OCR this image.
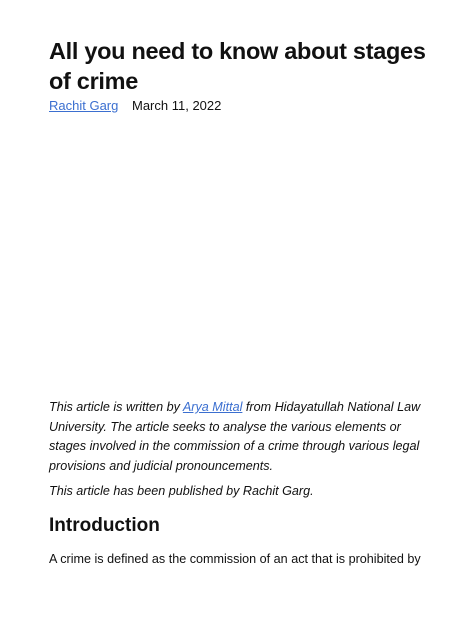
All you need to know about stages of crime
Rachit Garg March 11, 2022

This article is written by Arya Mittal from Hidayatullah National Law University. The article seeks to analyse the various elements or stages involved in the commission of a crime through various legal provisions and judicial pronouncements.

This article has been published by Rachit Garg.

Introduction

A crime is defined as the commission of an act that is prohibited by
